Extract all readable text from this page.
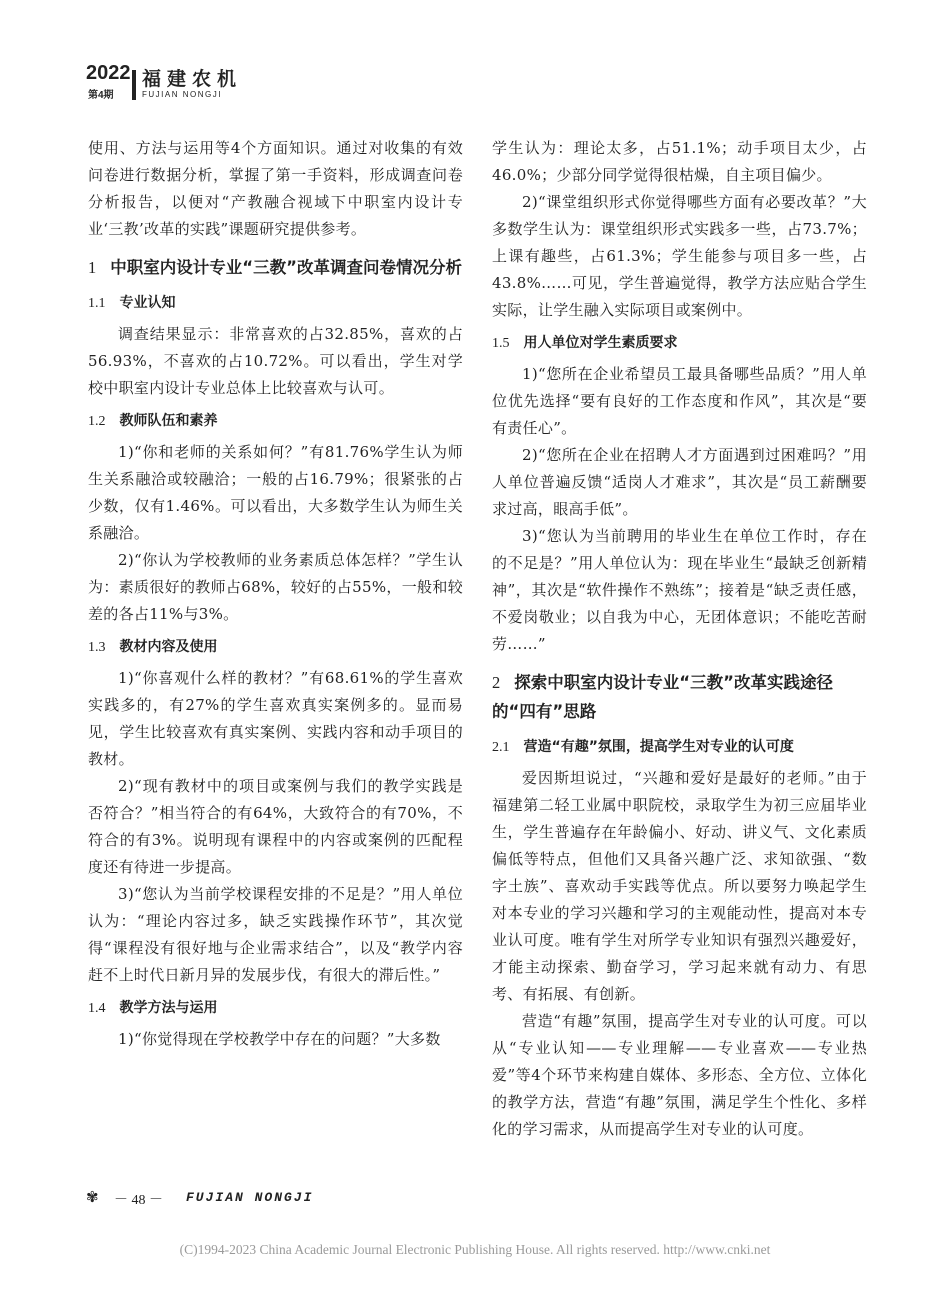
2022
第4期
福建农机
FUJIAN NONGJI

使用、方法与运用等4个方面知识。通过对收集的有效问卷进行数据分析，掌握了第一手资料，形成调查问卷分析报告，以便对“产教融合视域下中职室内设计专业‘三教’改革的实践”课题研究提供参考。

1 中职室内设计专业“三教”改革调查问卷情况分析
1.1 专业认知

调查结果显示：非常喜欢的占32.85%，喜欢的占56.93%，不喜欢的占10.72%。可以看出，学生对学校中职室内设计专业总体上比较喜欢与认可。

1.2 教师队伍和素养

1)“你和老师的关系如何？”有81.76%学生认为师生关系融洽或较融洽；一般的占16.79%；很紧张的占少数，仅有1.46%。可以看出，大多数学生认为师生关系融洽。

2)“你认为学校教师的业务素质总体怎样？”学生认为：素质很好的教师占68%，较好的占55%，一般和较差的各占11%与3%。

1.3 教材内容及使用

1)“你喜观什么样的教材？”有68.61%的学生喜欢实践多的，有27%的学生喜欢真实案例多的。显而易见，学生比较喜欢有真实案例、实践内容和动手项目的教材。

2)“现有教材中的项目或案例与我们的教学实践是否符合？”相当符合的有64%，大致符合的有70%，不符合的有3%。说明现有课程中的内容或案例的匹配程度还有待进一步提高。

3)“您认为当前学校课程安排的不足是？”用人单位认为：“理论内容过多，缺乏实践操作环节”，其次觉得“课程没有很好地与企业需求结合”，以及“教学内容赶不上时代日新月异的发展步伐，有很大的滞后性。”

1.4 教学方法与运用

1)“你觉得现在学校教学中存在的问题？”大多数

学生认为：理论太多，占51.1%；动手项目太少，占46.0%；少部分同学觉得很枯燥，自主项目偏少。

2)“课堂组织形式你觉得哪些方面有必要改革？”大多数学生认为：课堂组织形式实践多一些，占73.7%；上课有趣些，占61.3%；学生能参与项目多一些，占43.8%……可见，学生普遍觉得，教学方法应贴合学生实际，让学生融入实际项目或案例中。

1.5 用人单位对学生素质要求

1)“您所在企业希望员工最具备哪些品质？”用人单位优先选择“要有良好的工作态度和作风”，其次是“要有责任心”。

2)“您所在企业在招聘人才方面遇到过困难吗？”用人单位普遍反馈“适岗人才难求”，其次是“员工薪酬要求过高，眼高手低”。

3)“您认为当前聘用的毕业生在单位工作时，存在的不足是？”用人单位认为：现在毕业生“最缺乏创新精神”，其次是“软件操作不熟练”；接着是“缺乏责任感，不爱岗敬业；以自我为中心，无团体意识；不能吃苦耐劳……”

2 探索中职室内设计专业“三教”改革实践途径的“四有”思路
2.1 营造“有趣”氛围，提高学生对专业的认可度

爱因斯坦说过，“兴趣和爱好是最好的老师。”由于福建第二轻工业属中职院校，录取学生为初三应届毕业生，学生普遍存在年龄偏小、好动、讲义气、文化素质偏低等特点，但他们又具备兴趣广泛、求知欲强、“数字土族”、喜欢动手实践等优点。所以要努力唤起学生对本专业的学习兴趣和学习的主观能动性，提高对本专业认可度。唯有学生对所学专业知识有强烈兴趣爱好，才能主动探索、勤奋学习，学习起来就有动力、有思考、有拓展、有创新。

营造“有趣”氛围，提高学生对专业的认可度。可以从“专业认知——专业理解——专业喜欢——专业热爱”等4个环节来构建自媒体、多形态、全方位、立体化的教学方法，营造“有趣”氛围，满足学生个性化、多样化的学习需求，从而提高学生对专业的认可度。

✾ － 48 － FUJIAN NONGJI
(C)1994-2023 China Academic Journal Electronic Publishing House. All rights reserved. http://www.cnki.net
